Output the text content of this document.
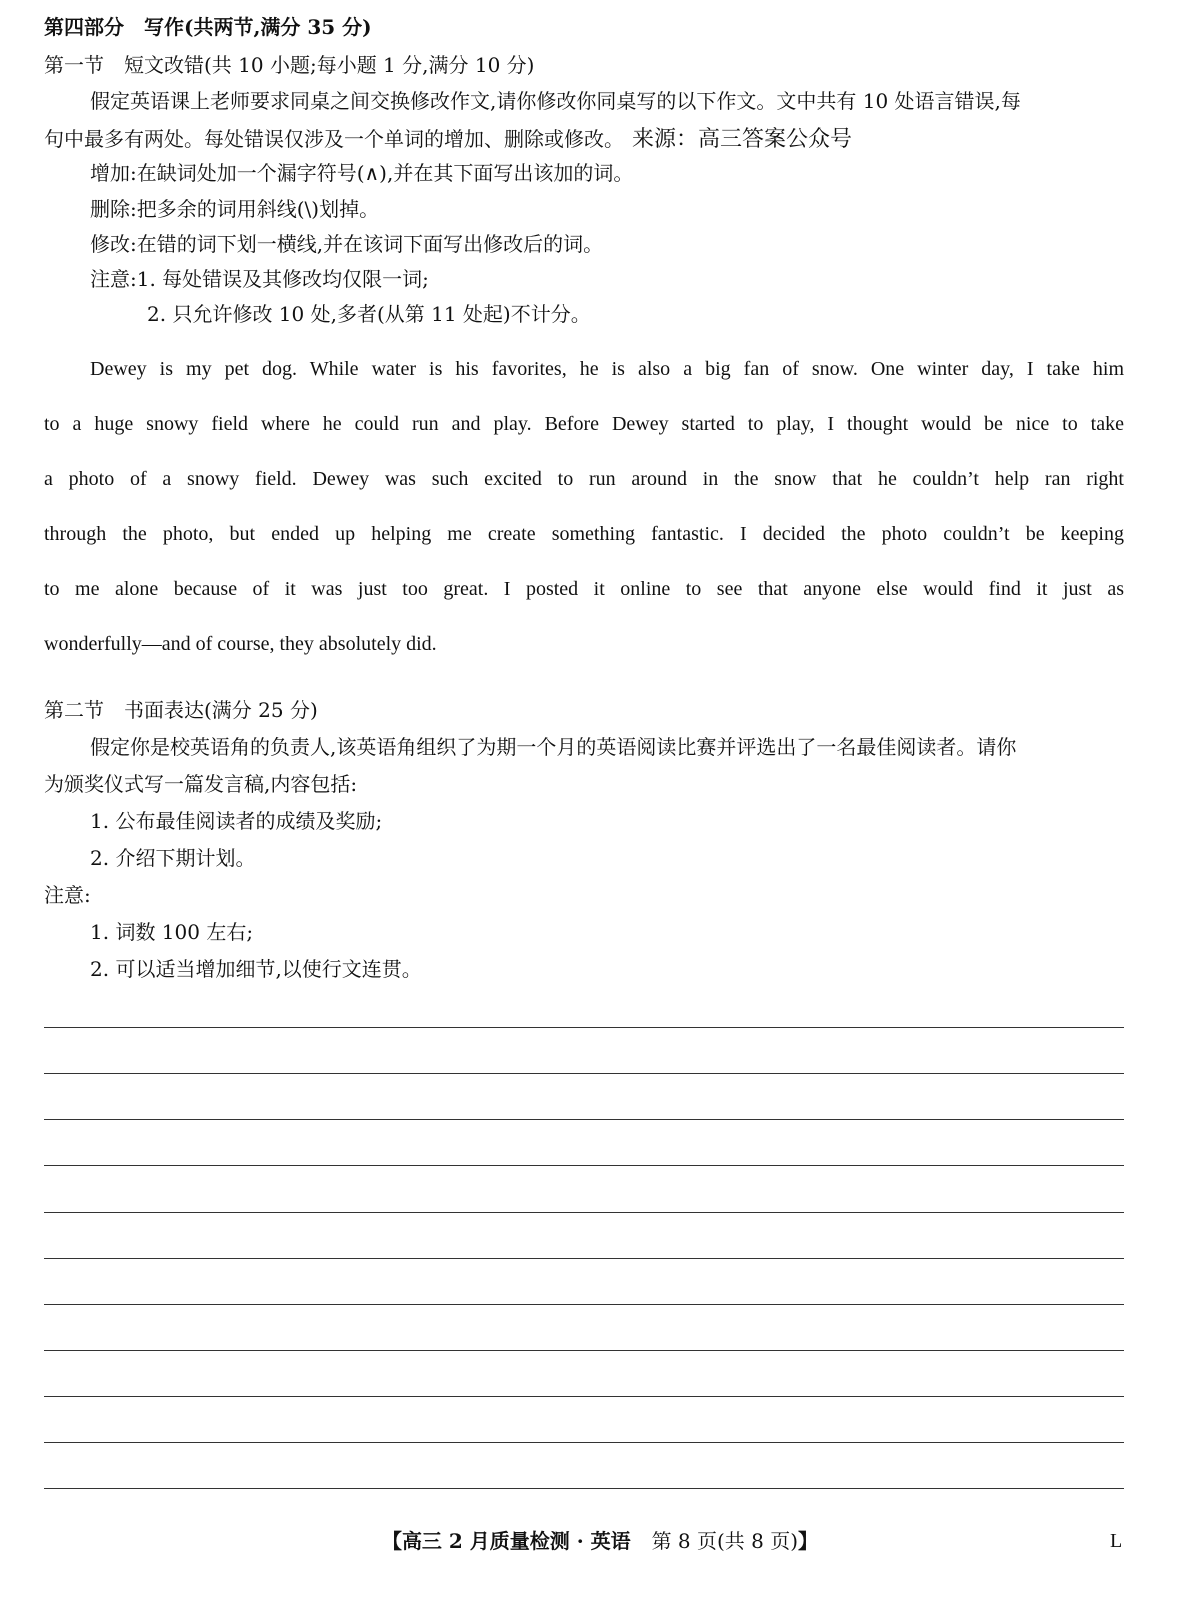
第四部分　写作(共两节,满分 35 分)
第一节　短文改错(共 10 小题;每小题 1 分,满分 10 分)
假定英语课上老师要求同桌之间交换修改作文,请你修改你同桌写的以下作文。文中共有 10 处语言错误,每
句中最多有两处。每处错误仅涉及一个单词的增加、删除或修改。 来源：高三答案公众号
增加:在缺词处加一个漏字符号(∧),并在其下面写出该加的词。
删除:把多余的词用斜线(\)划掉。
修改:在错的词下划一横线,并在该词下面写出修改后的词。
注意:1. 每处错误及其修改均仅限一词;
2. 只允许修改 10 处,多者(从第 11 处起)不计分。
Dewey is my pet dog. While water is his favorites, he is also a big fan of snow. One winter day, I take him
to a huge snowy field where he could run and play. Before Dewey started to play, I thought would be nice to take
a photo of a snowy field. Dewey was such excited to run around in the snow that he couldn’t help ran right
through the photo, but ended up helping me create something fantastic. I decided the photo couldn’t be keeping
to me alone because of it was just too great. I posted it online to see that anyone else would find it just as
wonderfully—and of course, they absolutely did.
第二节　书面表达(满分 25 分)
假定你是校英语角的负责人,该英语角组织了为期一个月的英语阅读比赛并评选出了一名最佳阅读者。请你
为颁奖仪式写一篇发言稿,内容包括:
1. 公布最佳阅读者的成绩及奖励;
2. 介绍下期计划。
注意:
1. 词数 100 左右;
2. 可以适当增加细节,以使行文连贯。
【高三 2 月质量检测 · 英语 第 8 页(共 8 页)】	L
